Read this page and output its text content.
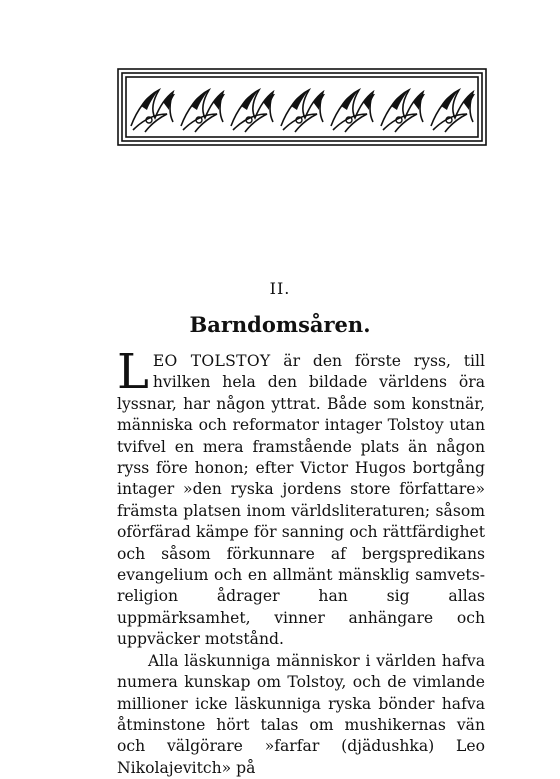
II.
Barndomsåren.

LEO TOLSTOY är den förste ryss, till hvilken hela den bildade världens öra lyssnar, har någon yttrat. Både som konstnär, människa och reformator intager Tolstoy utan tvifvel en mera framstående plats än någon ryss före honon; efter Victor Hugos bortgång intager »den ryska jordens store författare» främsta platsen inom världsliteraturen; såsom oförfärad kämpe för sanning och rättfärdighet och såsom förkunnare af bergspredikans evangelium och en allmänt mänsklig samvetsreligion ådrager han sig allas uppmärksamhet, vinner anhängare och uppväcker motstånd.

Alla läskunniga människor i världen hafva numera kunskap om Tolstoy, och de vimlande millioner icke läskunniga ryska bönder hafva åtminstone hört talas om mushikernas vän och välgörare »farfar (djädushka) Leo Nikolajevitch» på
